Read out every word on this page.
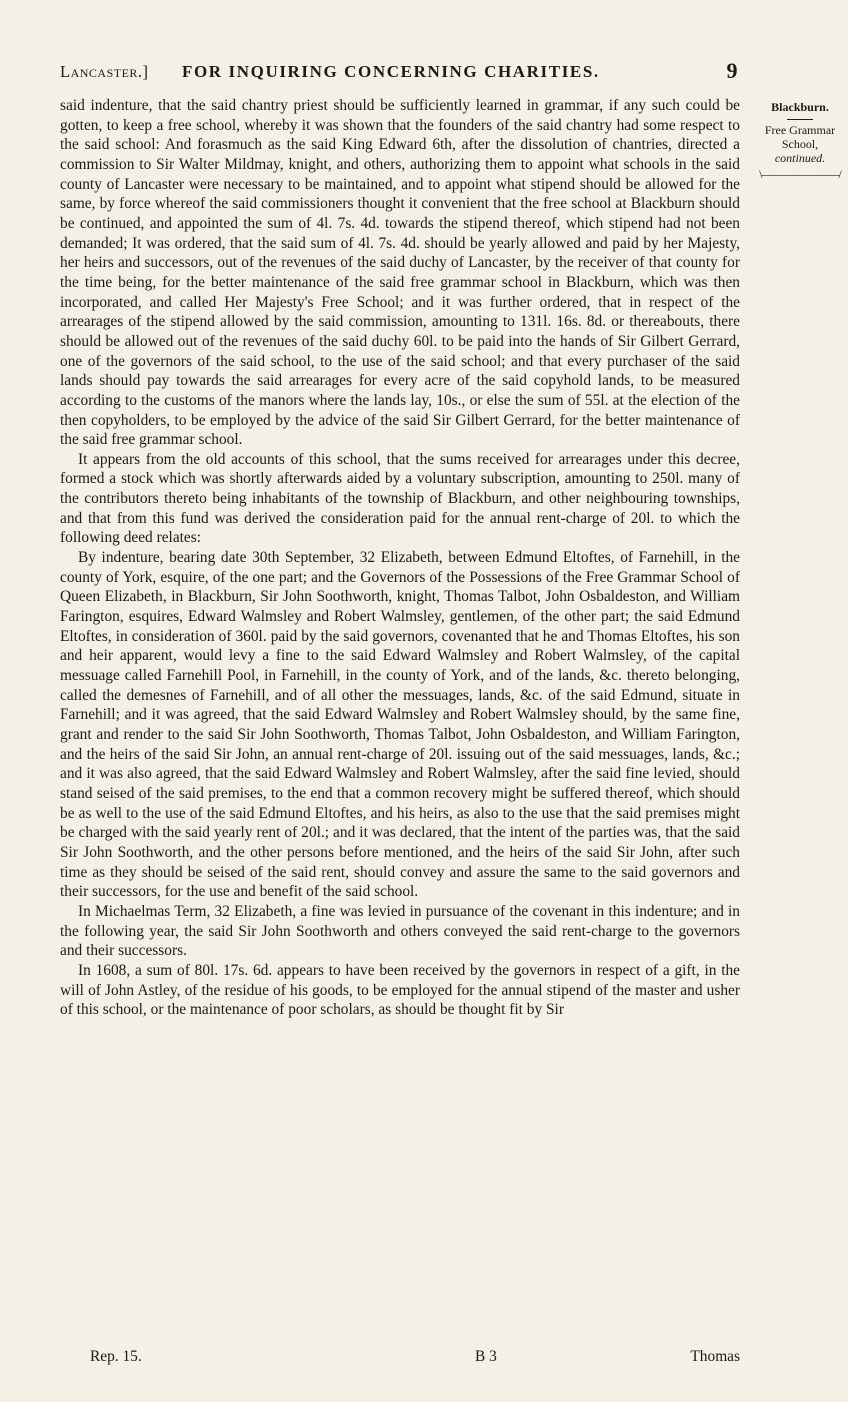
Lancaster.] FOR INQUIRING CONCERNING CHARITIES.	9
Blackburn.
Free Grammar School,
continued.
\———————/

said indenture, that the said chantry priest should be sufficiently learned in grammar, if any such could be gotten, to keep a free school, whereby it was shown that the founders of the said chantry had some respect to the said school: And forasmuch as the said King Edward 6th, after the dissolution of chantries, directed a commission to Sir Walter Mildmay, knight, and others, authorizing them to appoint what schools in the said county of Lancaster were necessary to be maintained, and to appoint what stipend should be allowed for the same, by force whereof the said commissioners thought it convenient that the free school at Blackburn should be continued, and appointed the sum of 4l. 7s. 4d. towards the stipend thereof, which stipend had not been demanded; It was ordered, that the said sum of 4l. 7s. 4d. should be yearly allowed and paid by her Majesty, her heirs and successors, out of the revenues of the said duchy of Lancaster, by the receiver of that county for the time being, for the better maintenance of the said free grammar school in Blackburn, which was then incorporated, and called Her Majesty's Free School; and it was further ordered, that in respect of the arrearages of the stipend allowed by the said commission, amounting to 131l. 16s. 8d. or thereabouts, there should be allowed out of the revenues of the said duchy 60l. to be paid into the hands of Sir Gilbert Gerrard, one of the governors of the said school, to the use of the said school; and that every purchaser of the said lands should pay towards the said arrearages for every acre of the said copyhold lands, to be measured according to the customs of the manors where the lands lay, 10s., or else the sum of 55l. at the election of the then copyholders, to be employed by the advice of the said Sir Gilbert Gerrard, for the better maintenance of the said free grammar school.

It appears from the old accounts of this school, that the sums received for arrearages under this decree, formed a stock which was shortly afterwards aided by a voluntary subscription, amounting to 250l. many of the contributors thereto being inhabitants of the township of Blackburn, and other neighbouring townships, and that from this fund was derived the consideration paid for the annual rent-charge of 20l. to which the following deed relates:

By indenture, bearing date 30th September, 32 Elizabeth, between Edmund Eltoftes, of Farnehill, in the county of York, esquire, of the one part; and the Governors of the Possessions of the Free Grammar School of Queen Elizabeth, in Blackburn, Sir John Soothworth, knight, Thomas Talbot, John Osbaldeston, and William Farington, esquires, Edward Walmsley and Robert Walmsley, gentlemen, of the other part; the said Edmund Eltoftes, in consideration of 360l. paid by the said governors, covenanted that he and Thomas Eltoftes, his son and heir apparent, would levy a fine to the said Edward Walmsley and Robert Walmsley, of the capital messuage called Farnehill Pool, in Farnehill, in the county of York, and of the lands, &c. thereto belonging, called the demesnes of Farnehill, and of all other the messuages, lands, &c. of the said Edmund, situate in Farnehill; and it was agreed, that the said Edward Walmsley and Robert Walmsley should, by the same fine, grant and render to the said Sir John Soothworth, Thomas Talbot, John Osbaldeston, and William Farington, and the heirs of the said Sir John, an annual rent-charge of 20l. issuing out of the said messuages, lands, &c.; and it was also agreed, that the said Edward Walmsley and Robert Walmsley, after the said fine levied, should stand seised of the said premises, to the end that a common recovery might be suffered thereof, which should be as well to the use of the said Edmund Eltoftes, and his heirs, as also to the use that the said premises might be charged with the said yearly rent of 20l.; and it was declared, that the intent of the parties was, that the said Sir John Soothworth, and the other persons before mentioned, and the heirs of the said Sir John, after such time as they should be seised of the said rent, should convey and assure the same to the said governors and their successors, for the use and benefit of the said school.

In Michaelmas Term, 32 Elizabeth, a fine was levied in pursuance of the covenant in this indenture; and in the following year, the said Sir John Soothworth and others conveyed the said rent-charge to the governors and their successors.

In 1608, a sum of 80l. 17s. 6d. appears to have been received by the governors in respect of a gift, in the will of John Astley, of the residue of his goods, to be employed for the annual stipend of the master and usher of this school, or the maintenance of poor scholars, as should be thought fit by Sir

Rep. 15.	B 3	Thomas
